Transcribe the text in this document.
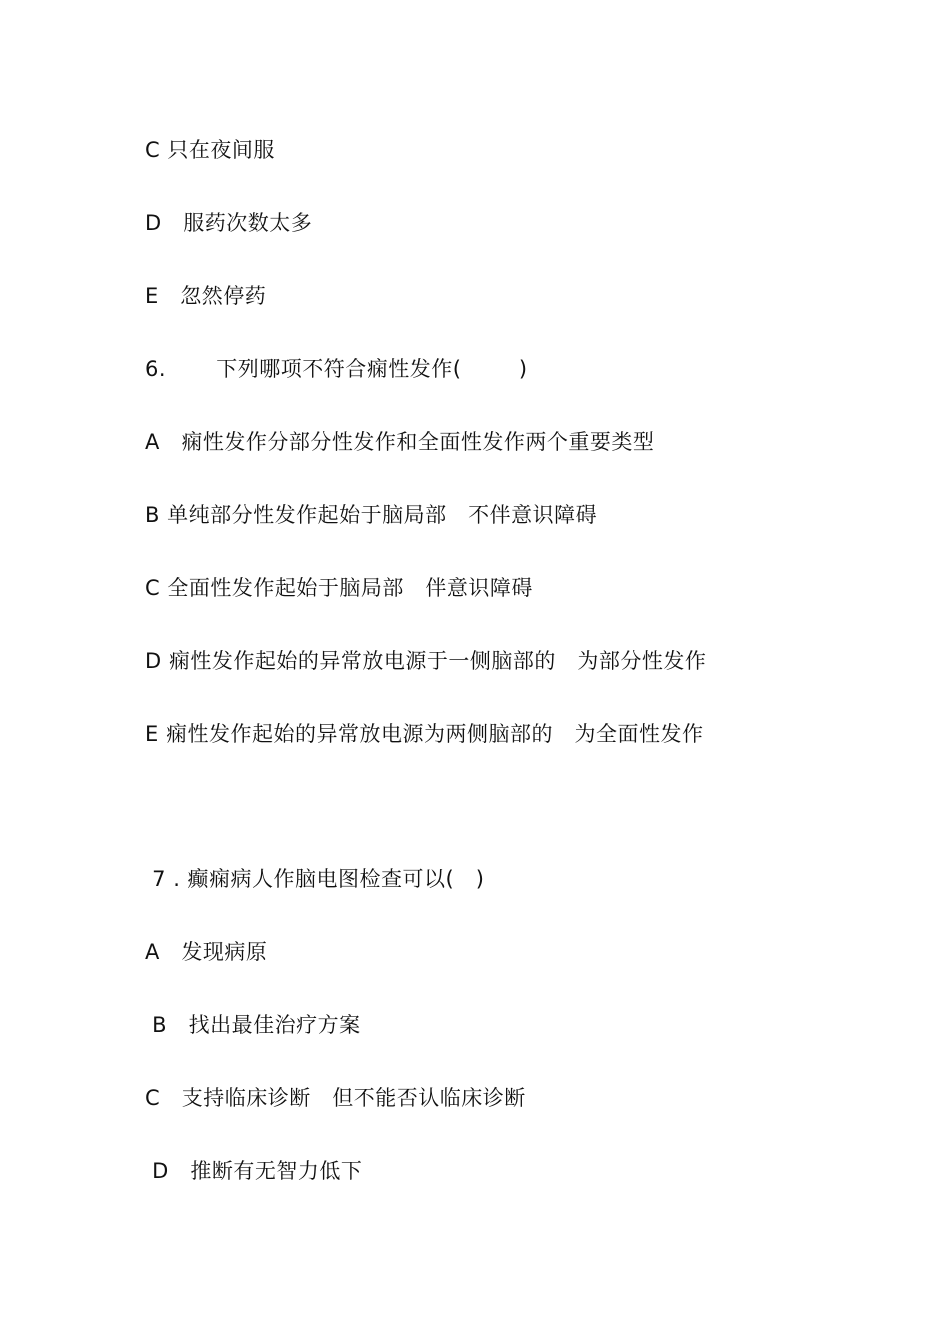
C 只在夜间服
D   服药次数太多
E   忽然停药
6.       下列哪项不符合痫性发作(        )
A   痫性发作分部分性发作和全面性发作两个重要类型
B 单纯部分性发作起始于脑局部   不伴意识障碍
C 全面性发作起始于脑局部   伴意识障碍
D 痫性发作起始的异常放电源于一侧脑部的   为部分性发作
E 痫性发作起始的异常放电源为两侧脑部的   为全面性发作
7 . 癫痫病人作脑电图检查可以(   )
A   发现病原
B   找出最佳治疗方案
C   支持临床诊断   但不能否认临床诊断
D   推断有无智力低下
